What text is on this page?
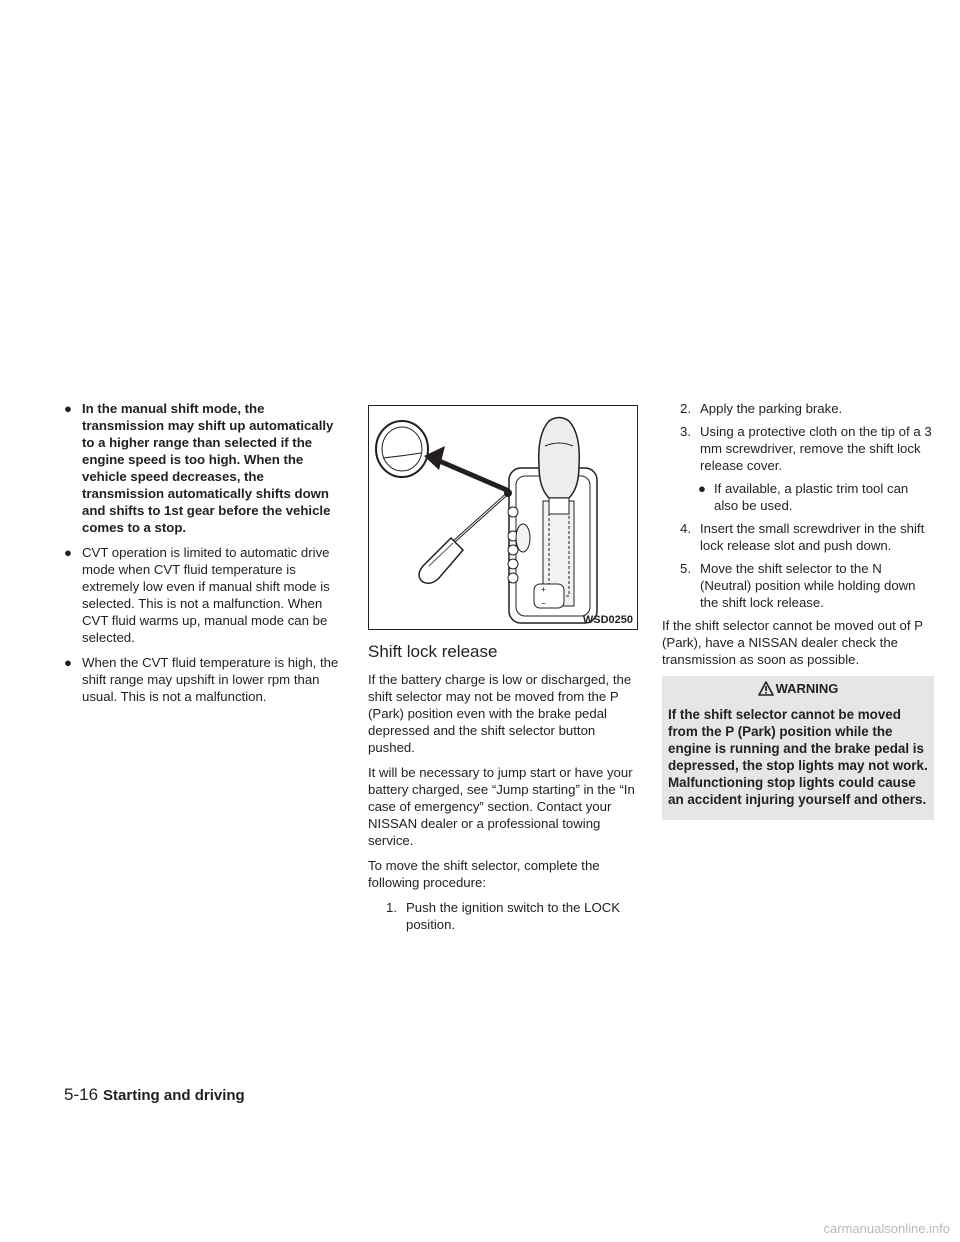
● In the manual shift mode, the transmission may shift up automatically to a higher range than selected if the engine speed is too high. When the vehicle speed decreases, the transmission automatically shifts down and shifts to 1st gear before the vehicle comes to a stop.
● CVT operation is limited to automatic drive mode when CVT fluid temperature is extremely low even if manual shift mode is selected. This is not a malfunction. When CVT fluid warms up, manual mode can be selected.
● When the CVT fluid temperature is high, the shift range may upshift in lower rpm than usual. This is not a malfunction.
+
−
WSD0250
Shift lock release

If the battery charge is low or discharged, the shift selector may not be moved from the P (Park) position even with the brake pedal depressed and the shift selector button pushed.

It will be necessary to jump start or have your battery charged, see “Jump starting” in the “In case of emergency” section. Contact your NISSAN dealer or a professional towing service.

To move the shift selector, complete the following procedure:

1. Push the ignition switch to the LOCK position.
2. Apply the parking brake.
3. Using a protective cloth on the tip of a 3 mm screwdriver, remove the shift lock release cover.
● If available, a plastic trim tool can also be used.
4. Insert the small screwdriver in the shift lock release slot and push down.
5. Move the shift selector to the N (Neutral) position while holding down the shift lock release.

If the shift selector cannot be moved out of P (Park), have a NISSAN dealer check the transmission as soon as possible.

WARNING
If the shift selector cannot be moved from the P (Park) position while the engine is running and the brake pedal is depressed, the stop lights may not work. Malfunctioning stop lights could cause an accident injuring yourself and others.
5-16 Starting and driving
carmanualsonline.info
